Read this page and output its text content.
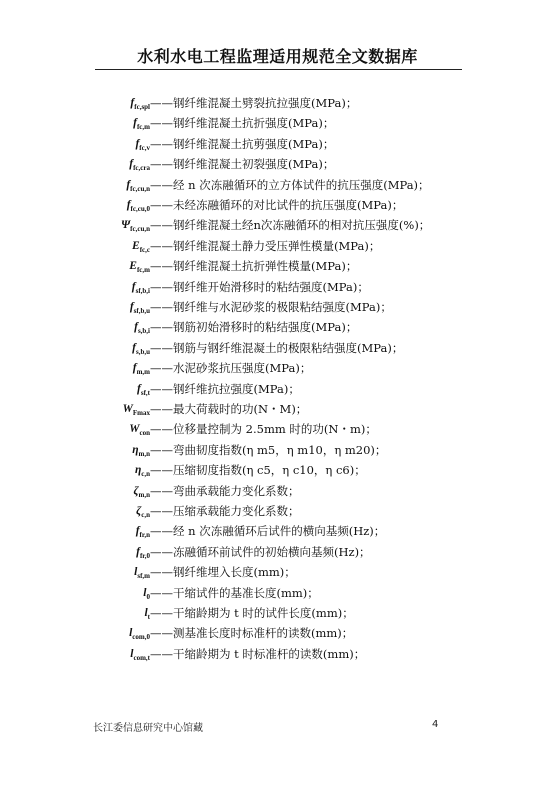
水利水电工程监理适用规范全文数据库
$f_{fc,spl}$ ——钢纤维混凝土劈裂抗拉强度(MPa)；
$f_{fc,m}$ ——钢纤维混凝土抗折强度(MPa)；
$f_{fc,v}$ ——钢纤维混凝土抗剪强度(MPa)；
$f_{fc,cra}$ ——钢纤维混凝土初裂强度(MPa)；
$f_{fc,cu,n}$ ——经 n 次冻融循环的立方体试件的抗压强度(MPa)；
$f_{fc,cu,0}$ ——未经冻融循环的对比试件的抗压强度(MPa)；
$\Psi_{fc,cu,n}$ ——钢纤维混凝土经n次冻融循环的相对抗压强度(%)；
$E_{fc,c}$ ——钢纤维混凝土静力受压弹性模量(MPa)；
$E_{fc,m}$ ——钢纤维混凝土抗折弹性模量(MPa)；
$f_{sf,b,i}$ ——钢纤维开始滑移时的粘结强度(MPa)；
$f_{sf,b,u}$ ——钢纤维与水泥砂浆的极限粘结强度(MPa)；
$f_{s,b,i}$ ——钢筋初始滑移时的粘结强度(MPa)；
$f_{s,b,u}$ ——钢筋与钢纤维混凝土的极限粘结强度(MPa)；
$f_{m,m}$ ——水泥砂浆抗压强度(MPa)；
$f_{sf,t}$ ——钢纤维抗拉强度(MPa)；
$W_{Fmax}$ ——最大荷载时的功(N・M)；
$W_{con}$ ——位移量控制为 2.5mm 时的功(N・m)；
$\eta_{m,n}$ ——弯曲韧度指数(η m5，η m10，η m20)；
$\eta_{c,n}$ ——压缩韧度指数(η c5，η c10，η c6)；
$\zeta_{m,n}$ ——弯曲承载能力变化系数；
$\zeta_{c,n}$ ——压缩承载能力变化系数；
$f_{fr,n}$ ——经 n 次冻融循环后试件的横向基频(Hz)；
$f_{fr,0}$ ——冻融循环前试件的初始横向基频(Hz)；
$l_{sf,m}$ ——钢纤维埋入长度(mm)；
$l_0$ ——干缩试件的基准长度(mm)；
$l_t$ ——干缩龄期为 t 时的试件长度(mm)；
$l_{com,0}$ ——测基准长度时标准杆的读数(mm)；
$l_{com,t}$ ——干缩龄期为 t 时标准杆的读数(mm)；
长江委信息研究中心馆藏	4
